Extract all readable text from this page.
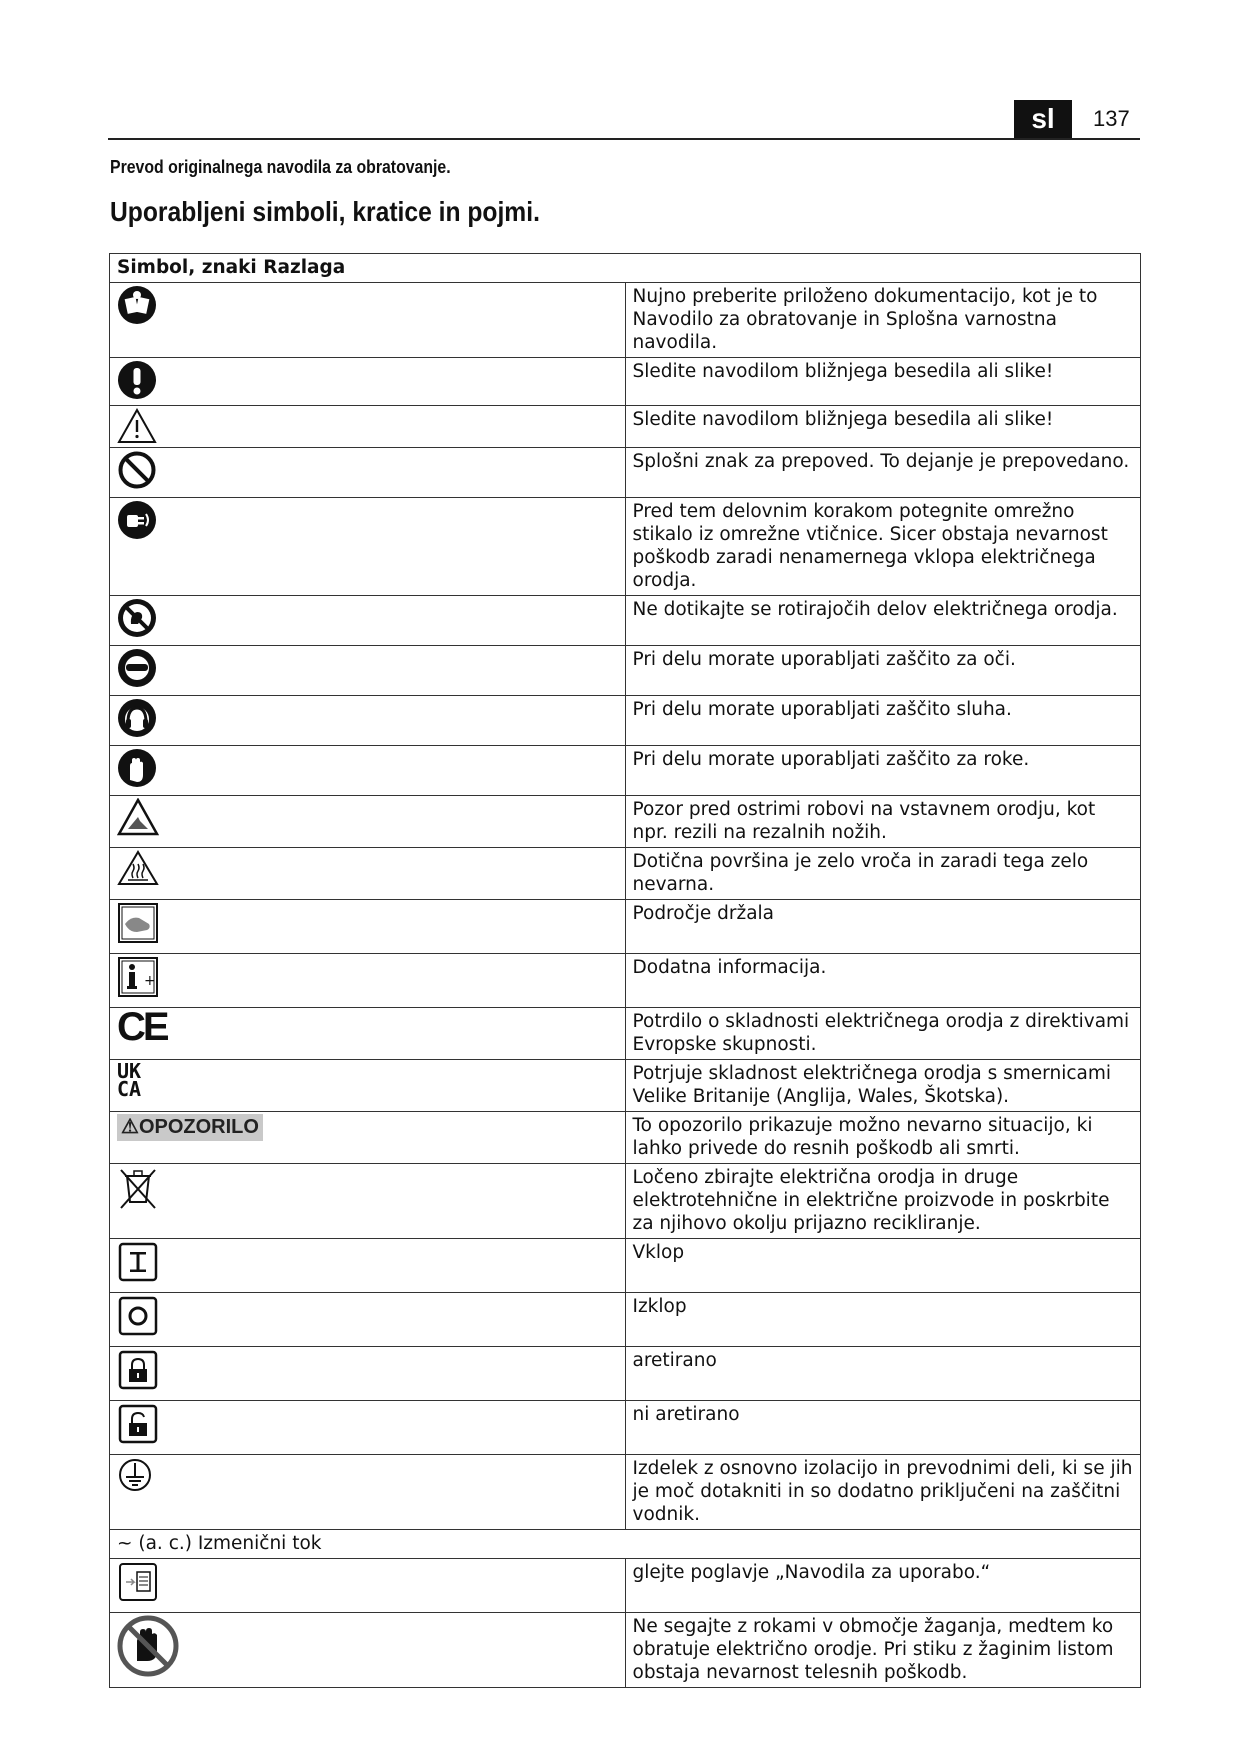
sl	137
Prevod originalnega navodila za obratovanje.
Uporabljeni simboli, kratice in pojmi.
Simbol, znaki Razlaga	

	Nujno preberite priloženo dokumentacijo, kot je to Navodilo za obratovanje in Splošna varnostna navodila.

	Sledite navodilom bližnjega besedila ali slike!

	Sledite navodilom bližnjega besedila ali slike!

	Splošni znak za prepoved. To dejanje je prepovedano.

	Pred tem delovnim korakom potegnite omrežno stikalo iz omrežne vtičnice. Sicer obstaja nevarnost poškodb zaradi nenamernega vklopa električnega orodja.

	Ne dotikajte se rotirajočih delov električnega orodja.

	Pri delu morate uporabljati zaščito za oči.

	Pri delu morate uporabljati zaščito sluha.

	Pri delu morate uporabljati zaščito za roke.

	Pozor pred ostrimi robovi na vstavnem orodju, kot npr. rezili na rezalnih nožih.

	Dotična površina je zelo vroča in zaradi tega zelo nevarna.

	Področje držala

+	Dodatna informacija.
CE	Potrdilo o skladnosti električnega orodja z direktivami Evropske skupnosti.

UK
CA	Potrjuje skladnost električnega orodja s smernicami Velike Britanije (Anglija, Wales, Škotska).
⚠OPOZORILO	To opozorilo prikazuje možno nevarno situacijo, ki lahko privede do resnih poškodb ali smrti.

	Ločeno zbirajte električna orodja in druge elektrotehnične in električne proizvode in poskrbite za njihovo okolju prijazno recikliranje.

	Vklop

	Izklop

	aretirano

	ni aretirano

	Izdelek z osnovno izolacijo in prevodnimi deli, ki se jih je moč dotakniti in so dodatno priključeni na zaščitni vodnik.
~ (a. c.) Izmenični tok	

	glejte poglavje „Navodila za uporabo.“

	Ne segajte z rokami v območje žaganja, medtem ko obratuje električno orodje. Pri stiku z žaginim listom obstaja nevarnost telesnih poškodb.
